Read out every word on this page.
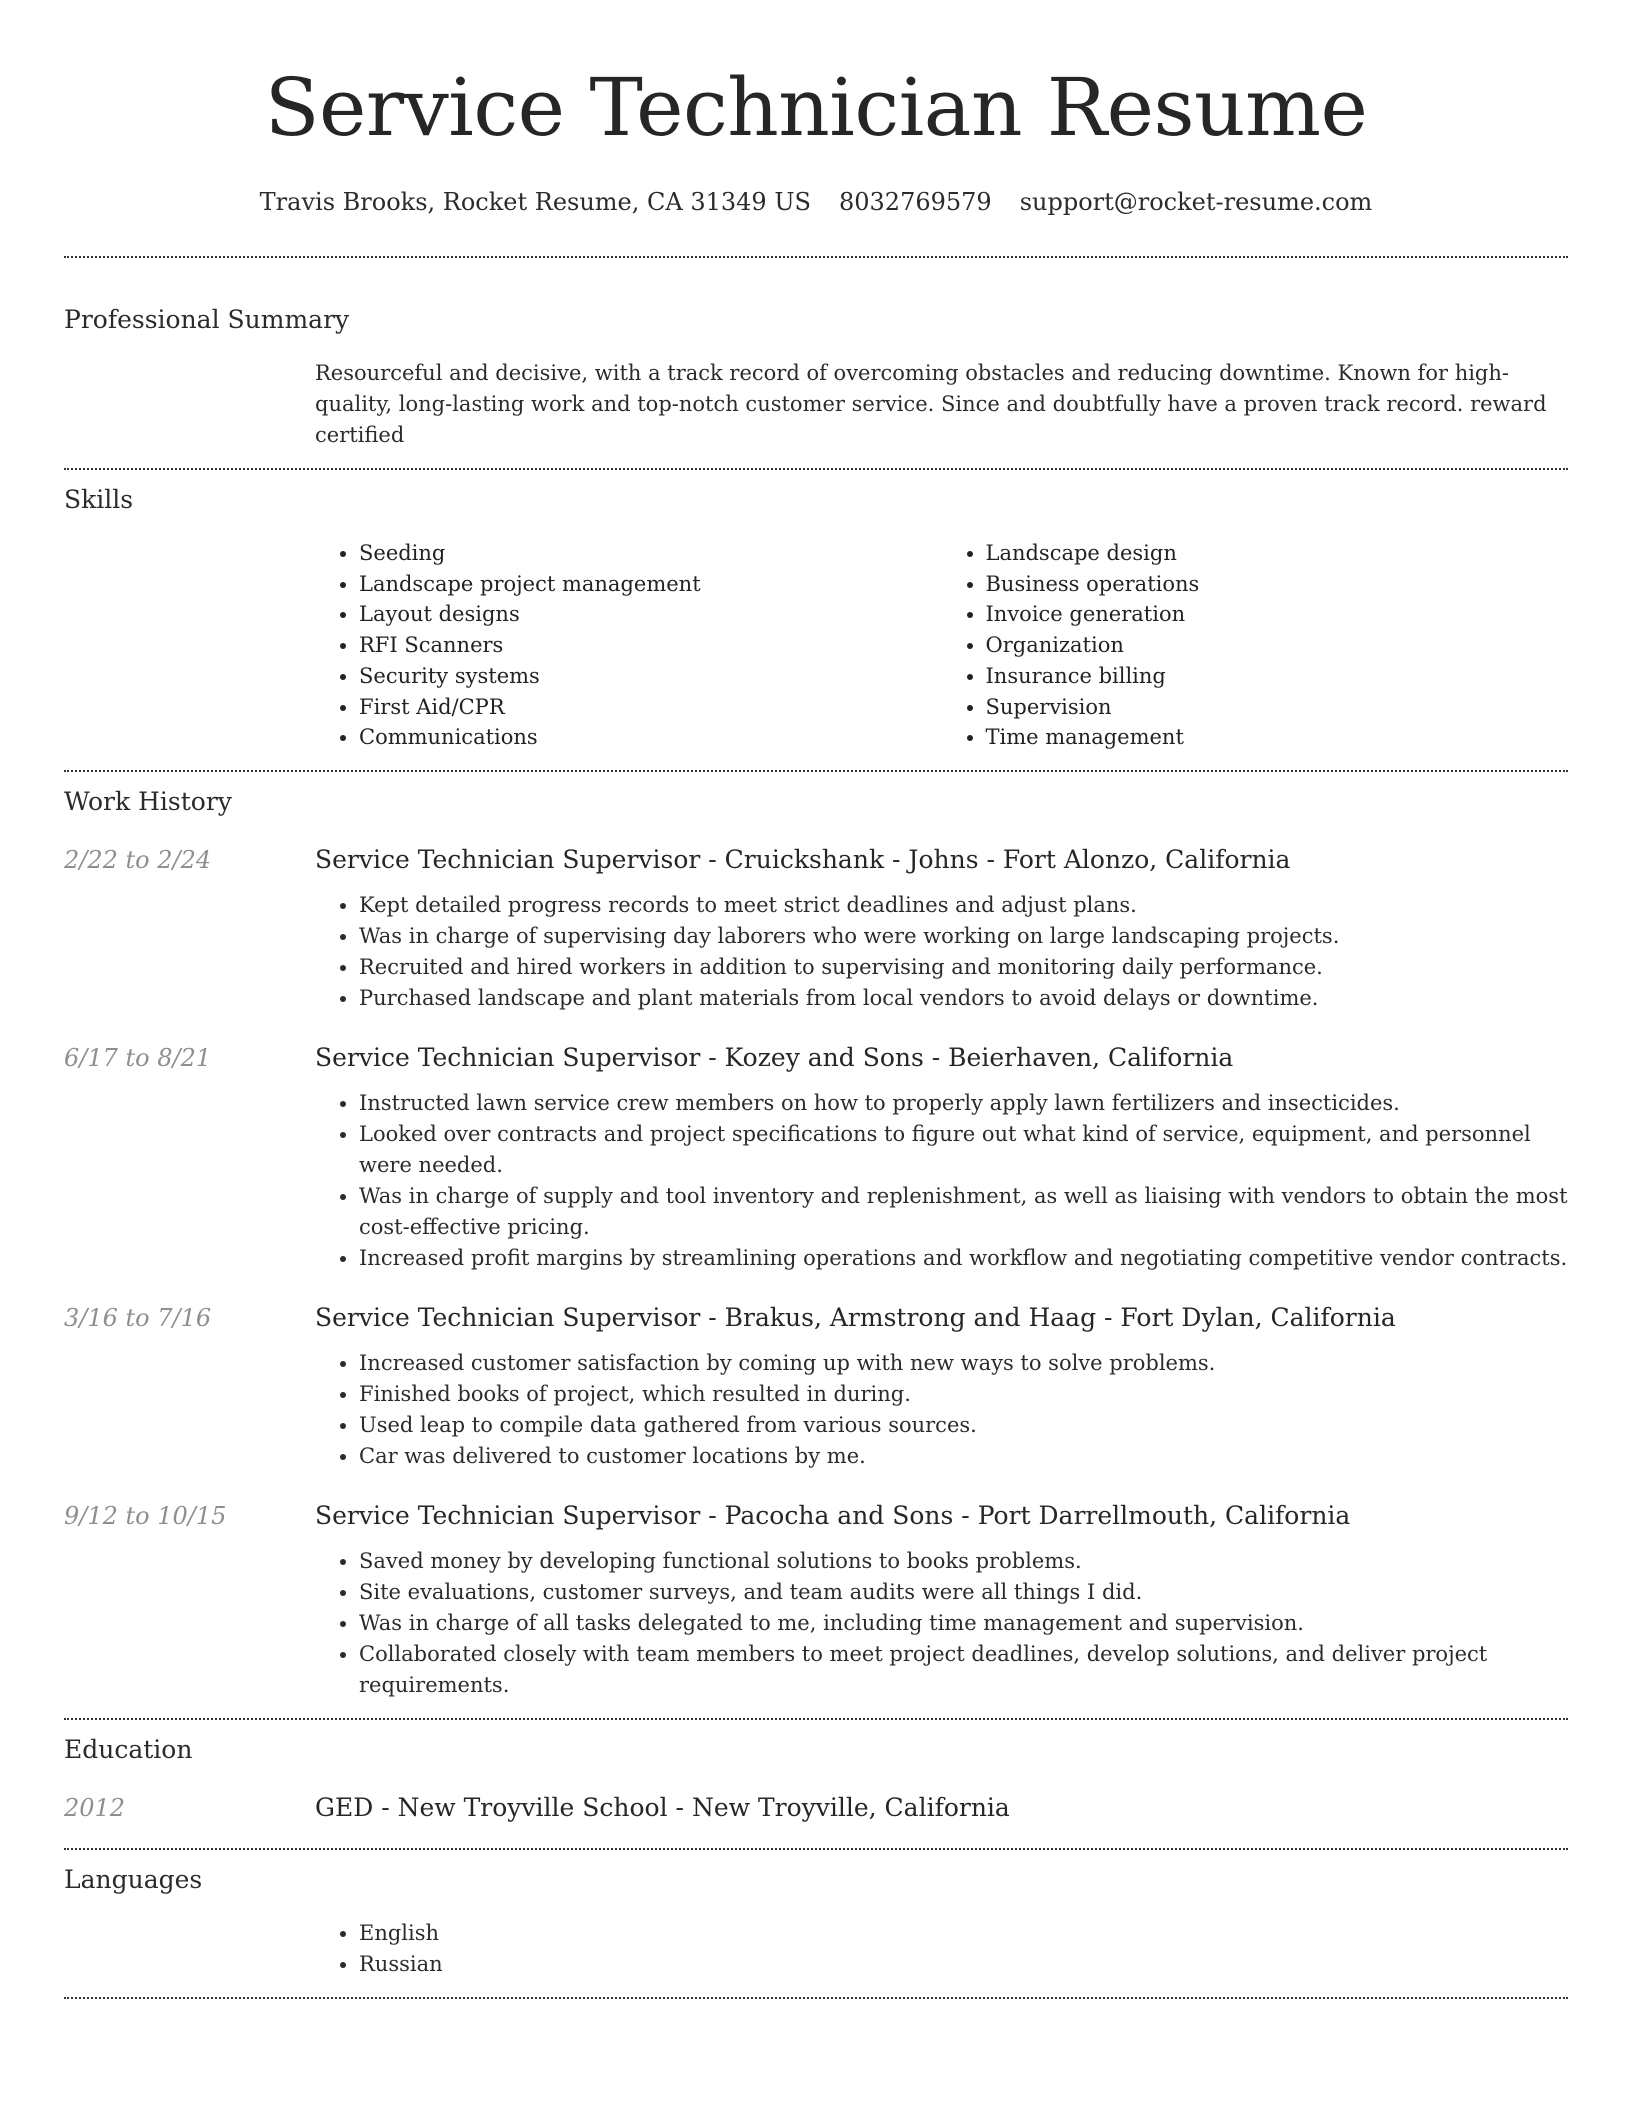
Service Technician Resume
Travis Brooks, Rocket Resume, CA 31349 US 8032769579 support@rocket-resume.com
Professional Summary

Resourceful and decisive, with a track record of overcoming obstacles and reducing downtime. Known for high-quality, long-lasting work and top-notch customer service. Since and doubtfully have a proven track record. reward certified

Skills
• Seeding
• Landscape project management
• Layout designs
• RFI Scanners
• Security systems
• First Aid/CPR
• Communications
• Landscape design
• Business operations
• Invoice generation
• Organization
• Insurance billing
• Supervision
• Time management
Work History
2/22 to 2/24	Service Technician Supervisor - Cruickshank - Johns - Fort Alonzo, California
• Kept detailed progress records to meet strict deadlines and adjust plans.
• Was in charge of supervising day laborers who were working on large landscaping projects.
• Recruited and hired workers in addition to supervising and monitoring daily performance.
• Purchased landscape and plant materials from local vendors to avoid delays or downtime.
6/17 to 8/21	Service Technician Supervisor - Kozey and Sons - Beierhaven, California
• Instructed lawn service crew members on how to properly apply lawn fertilizers and insecticides.
• Looked over contracts and project specifications to figure out what kind of service, equipment, and personnel were needed.
• Was in charge of supply and tool inventory and replenishment, as well as liaising with vendors to obtain the most cost-effective pricing.
• Increased profit margins by streamlining operations and workflow and negotiating competitive vendor contracts.
3/16 to 7/16	Service Technician Supervisor - Brakus, Armstrong and Haag - Fort Dylan, California
• Increased customer satisfaction by coming up with new ways to solve problems.
• Finished books of project, which resulted in during.
• Used leap to compile data gathered from various sources.
• Car was delivered to customer locations by me.
9/12 to 10/15	Service Technician Supervisor - Pacocha and Sons - Port Darrellmouth, California
• Saved money by developing functional solutions to books problems.
• Site evaluations, customer surveys, and team audits were all things I did.
• Was in charge of all tasks delegated to me, including time management and supervision.
• Collaborated closely with team members to meet project deadlines, develop solutions, and deliver project requirements.
Education
2012	GED - New Troyville School - New Troyville, California
Languages
• English
• Russian
